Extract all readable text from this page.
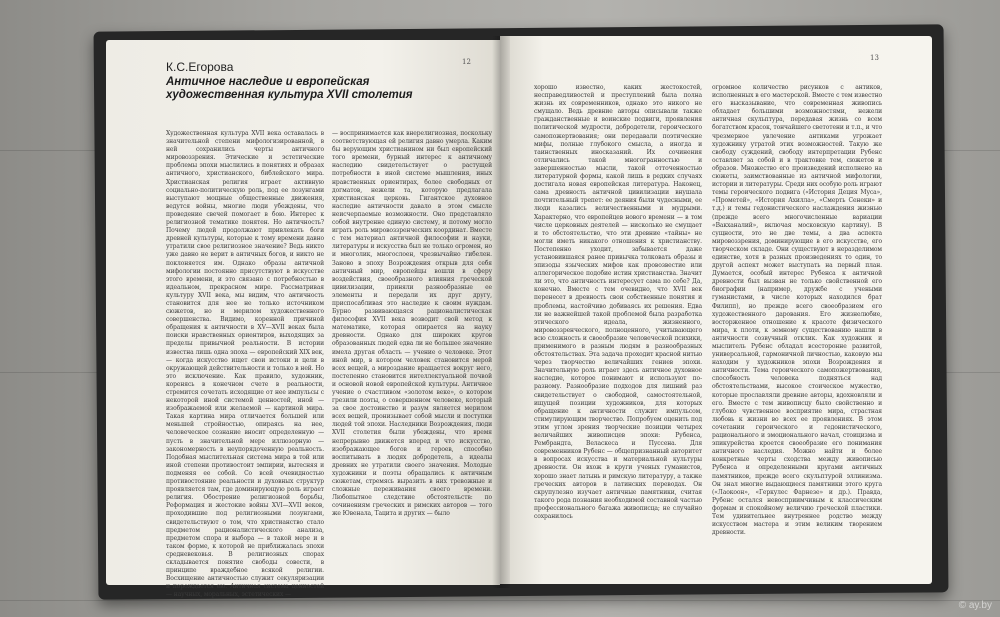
12
К.С.Егорова
Античное наследие и европейская художественная культура XVII столетия
Художественная культура XVII века оставалась в значительной степени мифологизированной, в ней сохранились черты античного мировоззрения. Этические и эстетические проблемы эпохи мыслились в понятиях и образах античного, христианского, библейского мира. Христианская религия играет активную социально-политическую роль, под ее лозунгами выступают мощные общественные движения, ведутся войны, многие люди убеждены, что проведение свечей помогает в бою. Интерес к религиозной тематике понятен. Но античность? Почему людей продолжают привлекать боги древней культуры, которые к тому времени давно утратили свое религиозное значение? Ведь никто уже давно не верит в античных богов, и никто не поклоняется им. Однако образы античной мифологии постоянно присутствуют в искусстве этого времени, и это связано с потребностью в идеальном, прекрасном мире. Рассматривая культуру XVII века, мы видим, что античность становится для нее не только источником сюжетов, но и мерилом художественного совершенства. Видимо, коренной причиной обращения к античности в XV—XVII веках была поиски нравственных ориентиров, выходящих за пределы привычной реальности. В истории известна лишь одна эпоха — европейский XIX век, — когда искусство ищет свои истоки и цели в окружающей действительности и только в ней. Но это исключение. Как правило, художник, коренясь в конечном счете в реальности, стремится сочетать исходящие от нее импульсы с некоторой иной системой ценностей, иной — изображаемой или желаемой — картиной мира. Такая картина мира отличается большей или меньшей стройностью, опираясь на нее, человеческое сознание вносит определенную — пусть в значительной мере иллюзорную — закономерность в неупорядоченную реальность. Подобная мыслительная система мира в той или иной степени противостоит эмпирии, вытесняя и подменяя ее собой. Со всей очевидностью противостояние реальности и духовных структур проявляется там, где доминирующую роль играет религия. Обострение религиозной борьбы, Реформация и жестокие войны XVI—XVII веков, проходившие под религиозными лозунгами, свидетельствуют о том, что христианство стало предметом рационалистического анализа, предметом спора и выбора — в такой мере и в таком форме, к которой не приближалась эпохи средневековья. В религиозных спорах складывается понятие свободы совести, в принципе враждебное всякой религии. Восхищение античностью служит секуляризации и порождается ею. Античная система ценностей — научных, моральных, эстетических —
— воспринимается как внерелигиозная, поскольку соответствующая ей религия давно умерла. Каким бы верующим христианином ни был европейский того времени, бурный интерес к античному наследию свидетельствует о растущей потребности в иной системе мышления, иных нравственных ориентирах, более свободных от догматов, нежели та, которую предлагала христианская церковь. Гигантское духовное наследие античности давало в этом смысле неисчерпаемые возможности. Оно представляло собой внутренне единую систему, и потому могло играть роль мировоззренческих координат. Вместе с тем материал античной философии и науки, литературы и искусства был не только огромен, но и многолик, многослоен, чрезвычайно гибелен. Заново в эпоху Возрождения открыв для себя античный мир, европейцы вошли в сферу воздействия, своеобразного влияния греческой цивилизации, приняли разнообразные ее элементы и передали их друг другу, приспосабливая это наследие к своим нуждам. Бурно развивающаяся рационалистическая философия XVII века возводит свой метод к математике, которая опирается на науку древности. Однако для широких кругов образованных людей едва ли не большее значение имела другая область — учение о человеке. Этот иной мир, в котором человек становится мерой всех вещей, а мироздание вращается вокруг него, постепенно становится интеллектуальной почвой и основой новой европейской культуры. Античное учение о счастливом «золотом веке», о котором грезили поэты, о совершенном человеке, который за свое достоинство и разум является мерилом всех вещей, пронизывает собой мысли и поступки людей той эпохи. Наследники Возрождения, люди XVII столетия были убеждены, что время непрерывно движется вперед и что искусство, изображающее богов и героев, способно воспитывать в людях добродетель, а идеалы древних не утратили своего значения. Молодые художники и поэты обращались к античным сюжетам, стремясь выразить в них тревожные и сложные переживания своего времени. Любопытное следствие обстоятельств: по сочинениям греческих и римских авторов — того же Ювенала, Тацита и других — было
13
хорошо известно, каких жестокостей, несправедливостей и преступлений была полна жизнь их современников, однако это никого не смущало. Ведь древние авторы описывали также гражданственные и воинские подвиги, проявления политической мудрости, добродетели, героического самопожертвования; они передавали поэтические мифы, полные глубокого смысла, а иногда и таинственных иносказаний. Их сочинения отличались такой многогранностью и завершенностью мысли, такой отточенностью литературной формы, какой лишь в редких случаях достигала новая европейская литература. Наконец, сама древность античной цивилизации внушала почтительный трепет: ее деяния были чудесными, ее люди казались величественными и мудрыми. Характерно, что европейцев нового времени — в том числе церковных деятелей — нисколько не смущает и то обстоятельство, что эти древние «тайны» не могли иметь никакого отношения к христианству. Постепенно уходит, забывается даже установившаяся ранее привычка толковать образы и эпизоды языческих мифов как провозвестие или аллегорическое подобие истин христианства. Значит ли это, что античность интересует сама по себе? Да, конечно. Вместе с тем очевидно, что XVII век перенесет в древность свои собственные понятия и проблемы, настойчиво добиваясь их решения. Едва ли не важнейшей такой проблемой была разработка этического идеала, жизненного, мировоззренческого, полноценного, учитывающего всю сложность и своеобразие человеческой психики, применимого в разным людям в разнообразных обстоятельствах. Эта задача проходит красной нитью через творчество величайших гениев эпохи. Значительную роль играет здесь античное духовное наследие, которое понимают и используют по-разному. Разнообразие подходов для лишний раз свидетельствует о свободной, самостоятельной, ищущей позиции художников, для которых обращение к античности служит импульсом, стимулирующим творчество. Попробуем оценить под этим углом зрения творческие позиции четырех величайших живописцев эпохи: Рубенса, Рембрандта, Веласкеса и Пуссена. Для современников Рубенс — общепризнанный авторитет в вопросах искусства и материальной культуры древности. Он вхож в круги ученых гуманистов, хорошо знает латынь и римскую литературу, а также греческих авторов в латинских переводах. Он скрупулезно изучает античные памятники, считая такого рода познания необходимой составной частью профессионального багажа живописца; не случайно сохранилось
огромное количество рисунков с антиков, исполненных в его мастерской. Вместе с тем известно его высказывание, что современная живопись обладает большими возможностями, нежели античная скульптура, передавая жизнь со всем богатством красок, тончайшего светотени и т.п., и что чрезмерное увлечение антиками угрожает художнику утратой этих возможностей. Такую же свободу суждений, свободу интерпретации Рубенс оставляет за собой и в трактовке тем, сюжетов и образов. Множество его произведений исполнено на сюжеты, заимствованные из античной мифологии, истории и литературы. Среди них особую роль играют темы героического подвига («История Деция Муса», «Прометей», «История Ахилла», «Смерть Сенеки» и т.д.) и темы гедонистического наслаждения жизнью (прежде всего многочисленные вариации «Вакханалий», включая московскую картину). В сущности, это не две темы, а два аспекта мировоззрения, доминирующие в его искусстве, его творческом складе. Они существуют в неразделимом единстве, хотя в разных произведениях то один, то другой аспект может выступать на первый план. Думается, особый интерес Рубенса к античной древности был вызван не только свойственной его биографии (например, дружбе с учеными гуманистами, в числе которых находился брат Филипп), но прежде всего своеобразием его художественного дарования. Его жизнелюбие, восторженное отношение к красоте физического мира, к плоти, к земному существованию нашли в античности созвучный отклик. Как художник и мыслитель Рубенс обладал всесторонне развитой, универсальной, гармоничной личностью, каковую мы находим у художников эпохи Возрождения и античности. Тема героического самопожертвования, способность человека подняться над обстоятельствами, высокое стоическое мужество, которые прославляли древние авторы, вдохновляли и его. Вместе с тем живописцу было свойственно и глубоко чувственное восприятие мира, страстная любовь к жизни во всех ее проявлениях. В этом сочетании героического и гедонистического, рационального и эмоционального начал, стоицизма и эпикурейства кроется своеобразие его понимания античного наследия. Можно найти и более конкретные черты сходства между живописью Рубенса и определенными кругами античных памятников, прежде всего скульптурой эллинизма. Он знал многие выдающиеся памятники этого круга («Лаокоон», «Геркулес Фарнезе» и др.). Правда, Рубенс остался невосприимчивым к классическим формам и спокойному величию греческой пластики. Тем удивительнее внутреннее родство между искусством мастера и этим великим творением древности.
© ay.by
